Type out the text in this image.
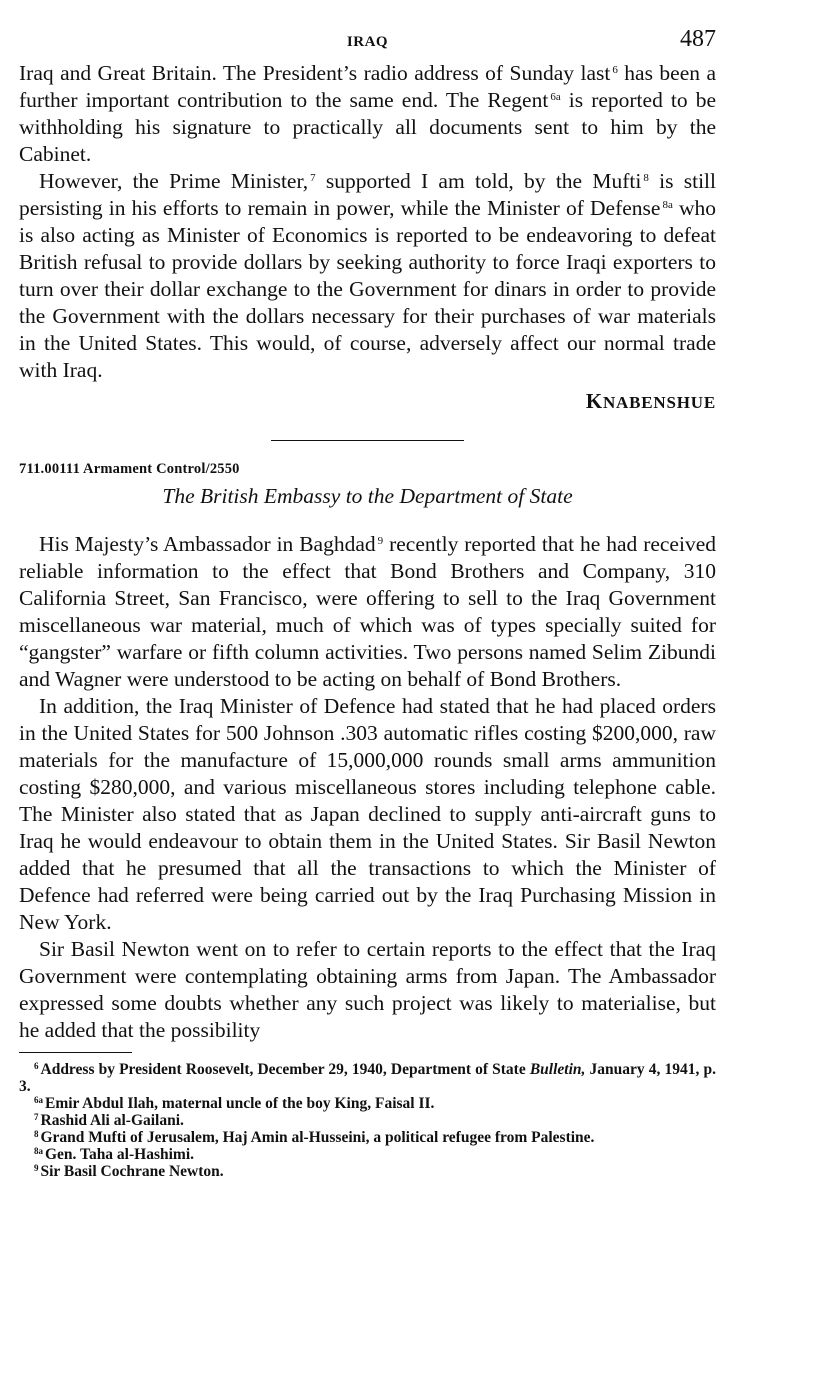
IRAQ	487

Iraq and Great Britain. The President’s radio address of Sunday last $^6$ has been a further important contribution to the same end. The Regent $^{6a}$ is reported to be withholding his signature to practically all documents sent to him by the Cabinet.

However, the Prime Minister, $^7$ supported I am told, by the Mufti $^8$ is still persisting in his efforts to remain in power, while the Minister of Defense $^{8a}$ who is also acting as Minister of Economics is reported to be endeavoring to defeat British refusal to provide dollars by seeking authority to force Iraqi exporters to turn over their dollar exchange to the Government for dinars in order to provide the Government with the dollars necessary for their purchases of war materials in the United States. This would, of course, adversely affect our normal trade with Iraq.

KNABENSHUE
711.00111 Armament Control/2550
The British Embassy to the Department of State

His Majesty’s Ambassador in Baghdad $^9$ recently reported that he had received reliable information to the effect that Bond Brothers and Company, 310 California Street, San Francisco, were offering to sell to the Iraq Government miscellaneous war material, much of which was of types specially suited for “gangster” warfare or fifth column activities. Two persons named Selim Zibundi and Wagner were understood to be acting on behalf of Bond Brothers.

In addition, the Iraq Minister of Defence had stated that he had placed orders in the United States for 500 Johnson .303 automatic rifles costing $200,000, raw materials for the manufacture of 15,000,000 rounds small arms ammunition costing $280,000, and various miscellaneous stores including telephone cable. The Minister also stated that as Japan declined to supply anti-aircraft guns to Iraq he would endeavour to obtain them in the United States. Sir Basil Newton added that he presumed that all the transactions to which the Minister of Defence had referred were being carried out by the Iraq Purchasing Mission in New York.

Sir Basil Newton went on to refer to certain reports to the effect that the Iraq Government were contemplating obtaining arms from Japan. The Ambassador expressed some doubts whether any such project was likely to materialise, but he added that the possibility

$^6$ Address by President Roosevelt, December 29, 1940, Department of State Bulletin, January 4, 1941, p. 3.

$^{6a}$ Emir Abdul Ilah, maternal uncle of the boy King, Faisal II.

$^7$ Rashid Ali al-Gailani.

$^8$ Grand Mufti of Jerusalem, Haj Amin al-Husseini, a political refugee from Palestine.

$^{8a}$ Gen. Taha al-Hashimi.

$^9$ Sir Basil Cochrane Newton.
